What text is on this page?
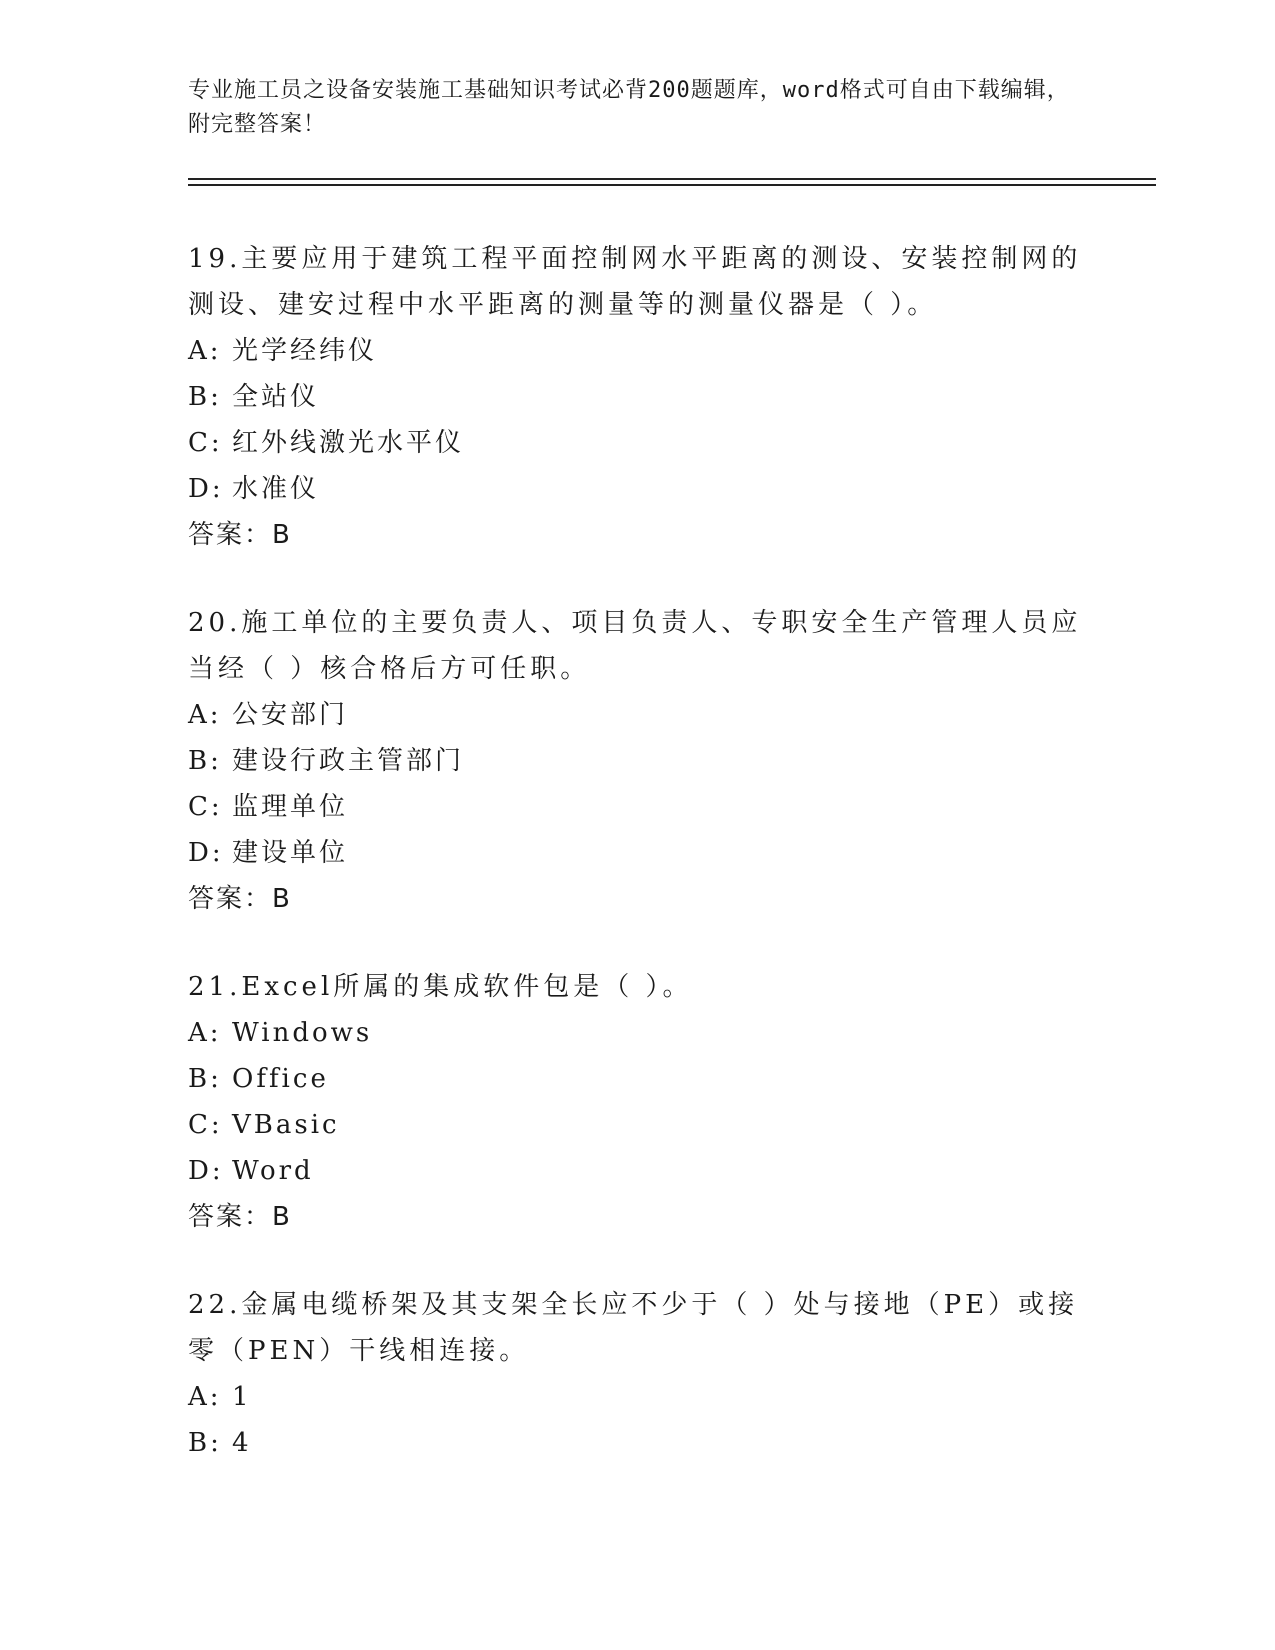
专业施工员之设备安装施工基础知识考试必背200题题库，word格式可自由下载编辑，附完整答案！
19.主要应用于建筑工程平面控制网水平距离的测设、安装控制网的测设、建安过程中水平距离的测量等的测量仪器是（ ）。
A: 光学经纬仪
B: 全站仪
C: 红外线激光水平仪
D: 水准仪
答案：B
20.施工单位的主要负责人、项目负责人、专职安全生产管理人员应当经（ ）核合格后方可任职。
A: 公安部门
B: 建设行政主管部门
C: 监理单位
D: 建设单位
答案：B
21.Excel所属的集成软件包是（ ）。
A: Windows
B: Office
C: VBasic
D: Word
答案：B
22.金属电缆桥架及其支架全长应不少于（ ）处与接地（PE）或接零（PEN）干线相连接。
A: 1
B: 4
